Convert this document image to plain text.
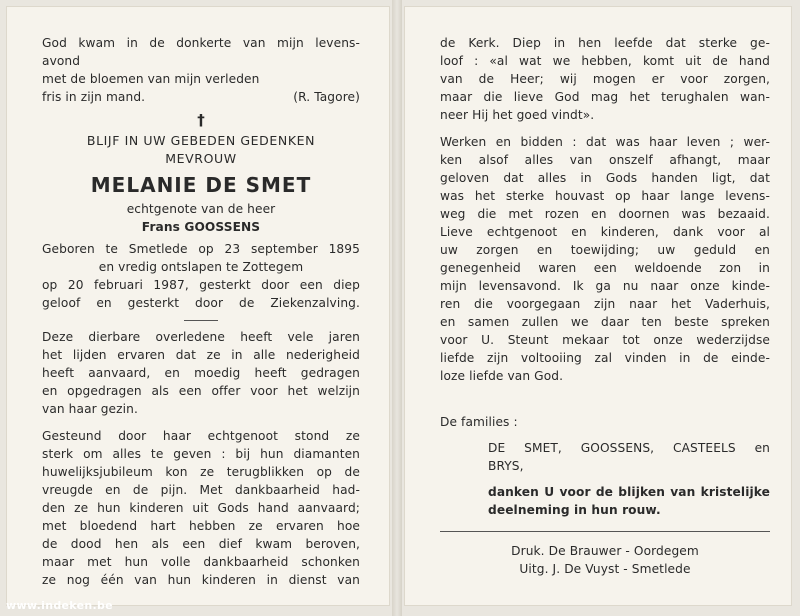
God kwam in de donkerte van mijn levens-
avond
met de bloemen van mijn verleden
fris in zijn mand.	(R. Tagore)
†
BLIJF IN UW GEBEDEN GEDENKEN
MEVROUW
MELANIE DE SMET
echtgenote van de heer
Frans GOOSSENS
Geboren te Smetlede op 23 september 1895
en vredig ontslapen te Zottegem
op 20 februari 1987, gesterkt door een diep
geloof en gesterkt door de Ziekenzalving.
Deze dierbare overledene heeft vele jaren
het lijden ervaren dat ze in alle nederigheid
heeft aanvaard, en moedig heeft gedragen
en opgedragen als een offer voor het welzijn
van haar gezin.
Gesteund door haar echtgenoot stond ze
sterk om alles te geven : bij hun diamanten
huwelijksjubileum kon ze terugblikken op de
vreugde en de pijn. Met dankbaarheid had-
den ze hun kinderen uit Gods hand aanvaard;
met bloedend hart hebben ze ervaren hoe
de dood hen als een dief kwam beroven,
maar met hun volle dankbaarheid schonken
ze nog één van hun kinderen in dienst van
de Kerk. Diep in hen leefde dat sterke ge-
loof : «al wat we hebben, komt uit de hand
van de Heer; wij mogen er voor zorgen,
maar die lieve God mag het terughalen wan-
neer Hij het goed vindt».
Werken en bidden : dat was haar leven ; wer-
ken alsof alles van onszelf afhangt, maar
geloven dat alles in Gods handen ligt, dat
was het sterke houvast op haar lange levens-
weg die met rozen en doornen was bezaaid.
Lieve echtgenoot en kinderen, dank voor al
uw zorgen en toewijding; uw geduld en
genegenheid waren een weldoende zon in
mijn levensavond. Ik ga nu naar onze kinde-
ren die voorgegaan zijn naar het Vaderhuis,
en samen zullen we daar ten beste spreken
voor U. Steunt mekaar tot onze wederzijdse
liefde zijn voltooiing zal vinden in de einde-
loze liefde van God.
De families :
DE SMET, GOOSSENS, CASTEELS en
BRYS,
danken U voor de blijken van kristelijke
deelneming in hun rouw.
Druk. De Brauwer - Oordegem
Uitg. J. De Vuyst - Smetlede
www.indeken.be
